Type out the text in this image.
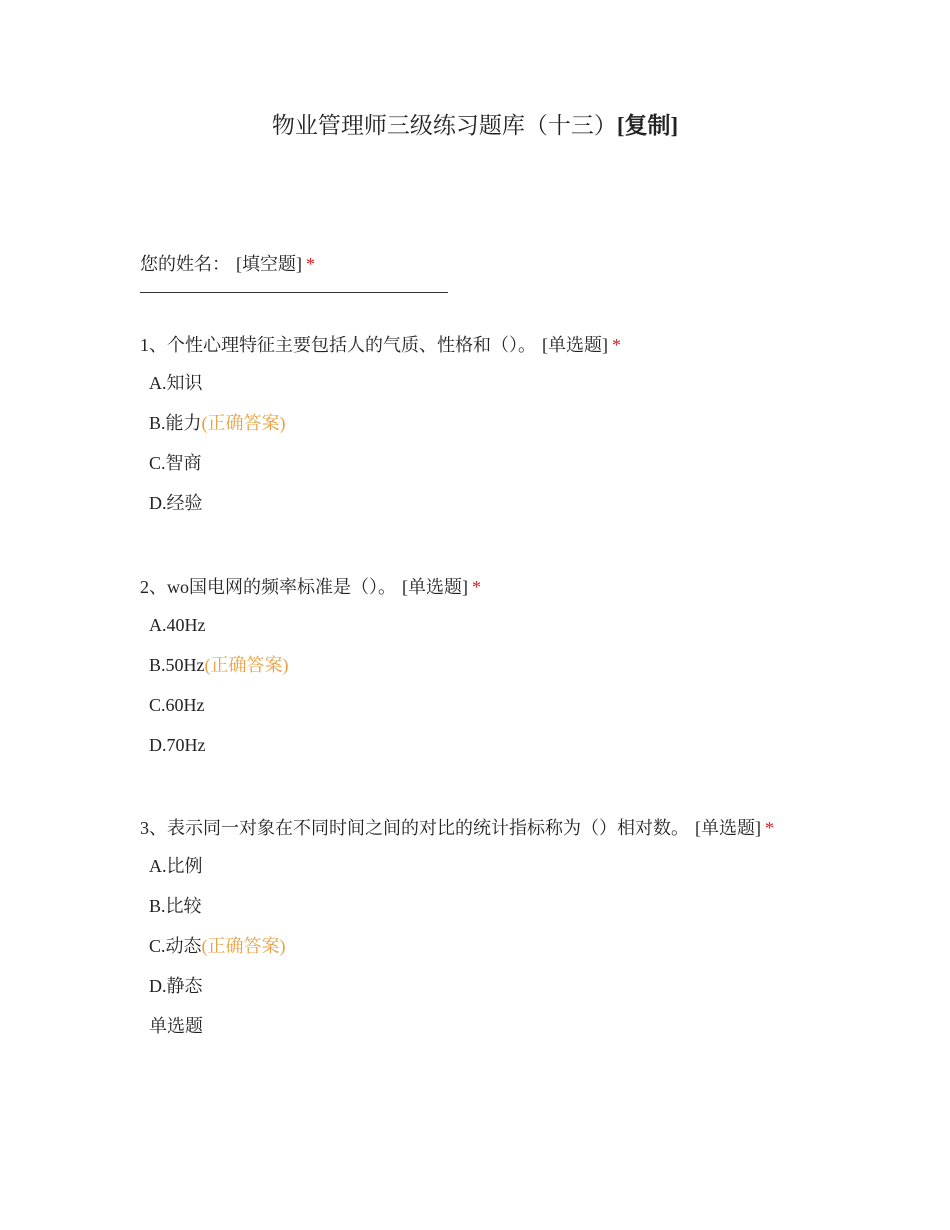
物业管理师三级练习题库（十三）[复制]
您的姓名： [填空题] *
1、个性心理特征主要包括人的气质、性格和（）。 [单选题] *
A.知识
B.能力(正确答案)
C.智商
D.经验
2、wo国电网的频率标准是（）。 [单选题] *
A.40Hz
B.50Hz(正确答案)
C.60Hz
D.70Hz
3、表示同一对象在不同时间之间的对比的统计指标称为（）相对数。 [单选题] *
A.比例
B.比较
C.动态(正确答案)
D.静态
单选题
